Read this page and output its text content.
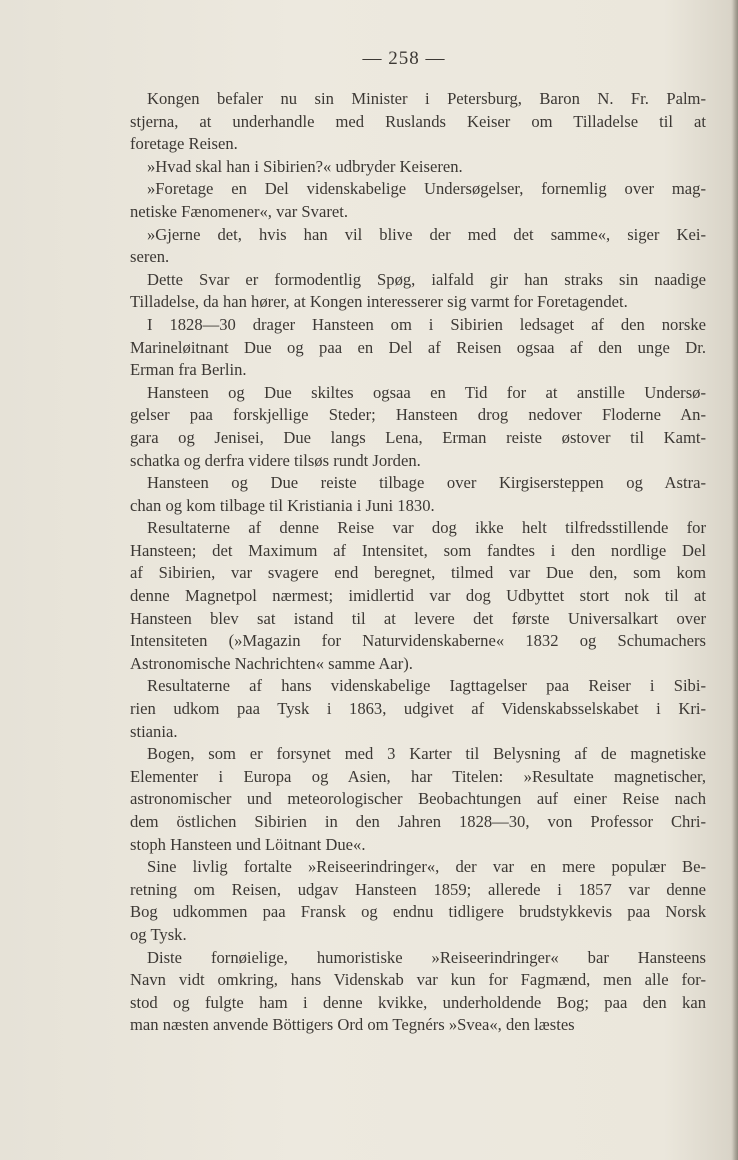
— 258 —
Kongen befaler nu sin Minister i Petersburg, Baron N. Fr. Palm-
stjerna, at underhandle med Ruslands Keiser om Tilladelse til at
foretage Reisen.
»Hvad skal han i Sibirien?« udbryder Keiseren.
»Foretage en Del videnskabelige Undersøgelser, fornemlig over mag-
netiske Fænomener«, var Svaret.
»Gjerne det, hvis han vil blive der med det samme«, siger Kei-
seren.
Dette Svar er formodentlig Spøg, ialfald gir han straks sin naadige
Tilladelse, da han hører, at Kongen interesserer sig varmt for Foretagendet.
I 1828—30 drager Hansteen om i Sibirien ledsaget af den norske
Marineløitnant Due og paa en Del af Reisen ogsaa af den unge Dr.
Erman fra Berlin.
Hansteen og Due skiltes ogsaa en Tid for at anstille Undersø-
gelser paa forskjellige Steder; Hansteen drog nedover Floderne An-
gara og Jenisei, Due langs Lena, Erman reiste østover til Kamt-
schatka og derfra videre tilsøs rundt Jorden.
Hansteen og Due reiste tilbage over Kirgisersteppen og Astra-
chan og kom tilbage til Kristiania i Juni 1830.
Resultaterne af denne Reise var dog ikke helt tilfredsstillende for
Hansteen; det Maximum af Intensitet, som fandtes i den nordlige Del
af Sibirien, var svagere end beregnet, tilmed var Due den, som kom
denne Magnetpol nærmest; imidlertid var dog Udbyttet stort nok til at
Hansteen blev sat istand til at levere det første Universalkart over
Intensiteten (»Magazin for Naturvidenskaberne« 1832 og Schumachers
Astronomische Nachrichten« samme Aar).
Resultaterne af hans videnskabelige Iagttagelser paa Reiser i Sibi-
rien udkom paa Tysk i 1863, udgivet af Videnskabsselskabet i Kri-
stiania.
Bogen, som er forsynet med 3 Karter til Belysning af de magnetiske
Elementer i Europa og Asien, har Titelen: »Resultate magnetischer,
astronomischer und meteorologischer Beobachtungen auf einer Reise nach
dem östlichen Sibirien in den Jahren 1828—30, von Professor Chri-
stoph Hansteen und Löitnant Due«.
Sine livlig fortalte »Reiseerindringer«, der var en mere populær Be-
retning om Reisen, udgav Hansteen 1859; allerede i 1857 var denne
Bog udkommen paa Fransk og endnu tidligere brudstykkevis paa Norsk
og Tysk.
Diste fornøielige, humoristiske »Reiseerindringer« bar Hansteens
Navn vidt omkring, hans Videnskab var kun for Fagmænd, men alle for-
stod og fulgte ham i denne kvikke, underholdende Bog; paa den kan
man næsten anvende Böttigers Ord om Tegnérs »Svea«, den læstes
